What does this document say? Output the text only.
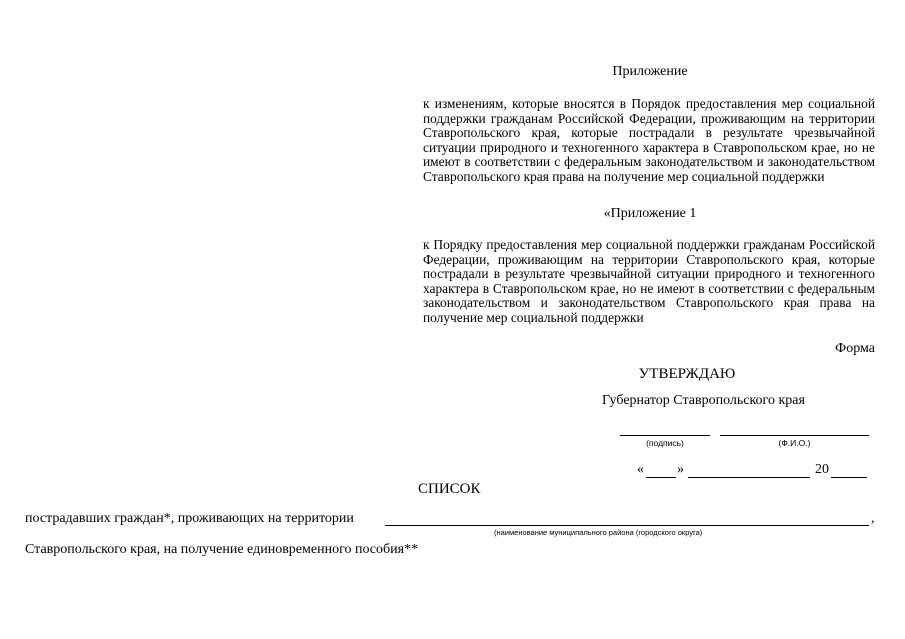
Приложение
к изменениям, которые вносятся в Порядок предоставления мер социальной поддержки гражданам Российской Федерации, проживающим на территории Ставропольского края, которые пострадали в результате чрезвычайной ситуации природного и техногенного характера в Ставропольском крае, но не имеют в соответствии с федеральным законодательством и законодательством Ставропольского края права на получение мер социальной поддержки
«Приложение 1
к Порядку предоставления мер социальной поддержки гражданам Российской Федерации, проживающим на территории Ставропольского края, которые пострадали в результате чрезвычайной ситуации природного и техногенного характера в Ставропольском крае, но не имеют в соответствии с федеральным законодательством и законодательством Ставропольского края права на получение мер социальной поддержки
Форма
УТВЕРЖДАЮ
Губернатор Ставропольского края
(подпись)	(Ф.И.О.)
« »	20
СПИСОК
пострадавших граждан*, проживающих на территории	,
(наименование муниципального района (городского округа)
Ставропольского края, на получение единовременного пособия**
